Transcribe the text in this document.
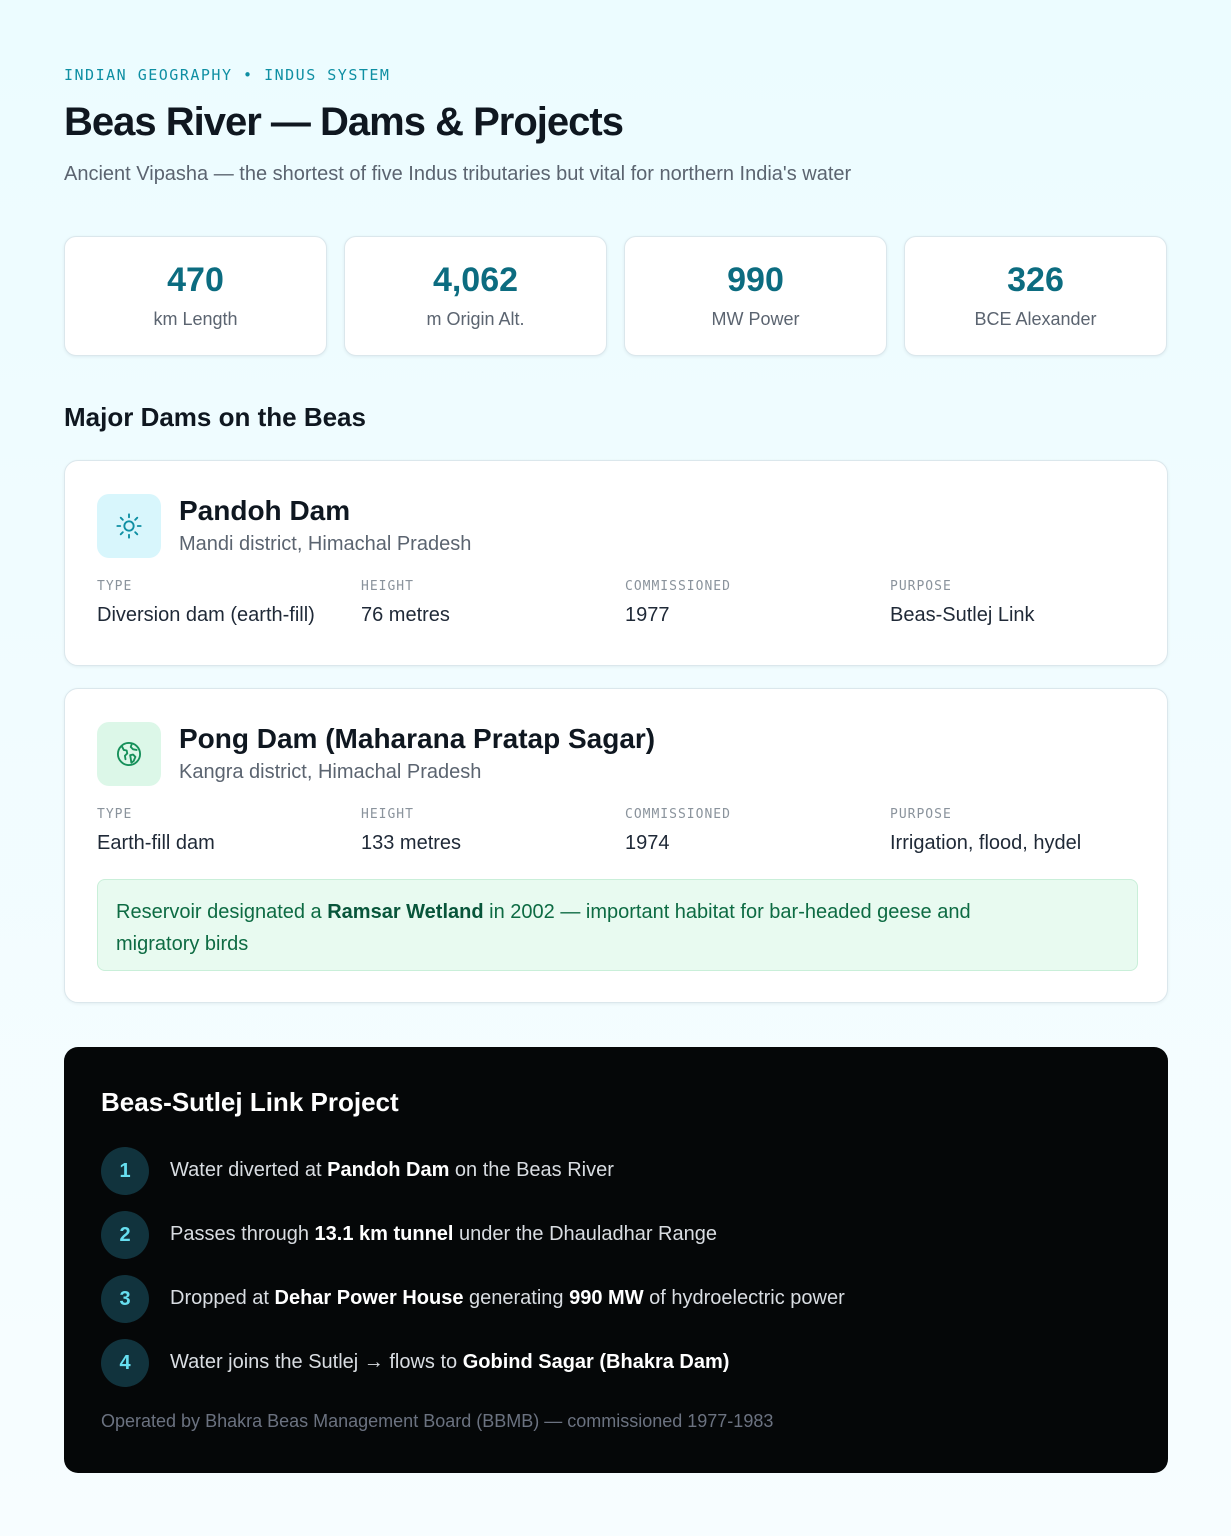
INDIAN GEOGRAPHY • INDUS SYSTEM
Beas River — Dams & Projects
Ancient Vipasha — the shortest of five Indus tributaries but vital for northern India's water
470
km Length
4,062
m Origin Alt.
990
MW Power
326
BCE Alexander
Major Dams on the Beas
Pandoh Dam
Mandi district, Himachal Pradesh
TYPE
Diversion dam (earth-fill)
HEIGHT
76 metres
COMMISSIONED
1977
PURPOSE
Beas-Sutlej Link
Pong Dam (Maharana Pratap Sagar)
Kangra district, Himachal Pradesh
TYPE
Earth-fill dam
HEIGHT
133 metres
COMMISSIONED
1974
PURPOSE
Irrigation, flood, hydel
Reservoir designated a Ramsar Wetland in 2002 — important habitat for bar-headed geese and
migratory birds
Beas-Sutlej Link Project
1	Water diverted at Pandoh Dam on the Beas River
2	Passes through 13.1 km tunnel under the Dhauladhar Range
3	Dropped at Dehar Power House generating 990 MW of hydroelectric power
4	Water joins the Sutlej → flows to Gobind Sagar (Bhakra Dam)
Operated by Bhakra Beas Management Board (BBMB) — commissioned 1977-1983
